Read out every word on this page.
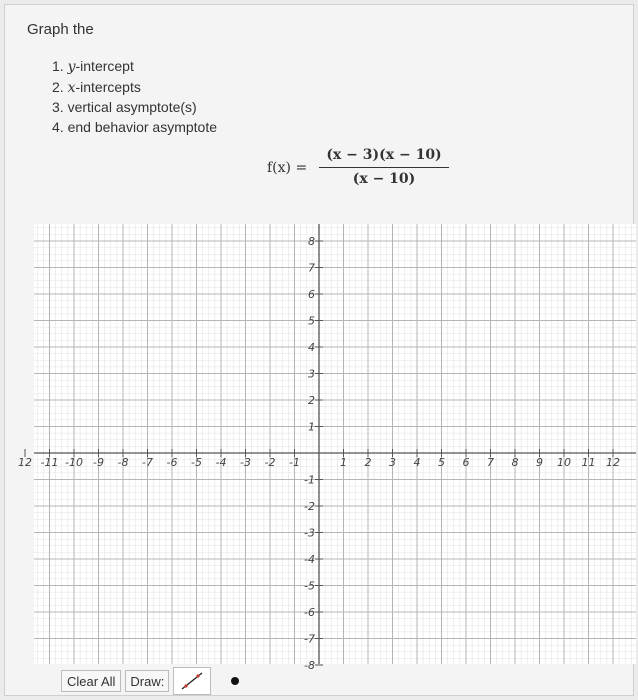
Graph the
1. y-intercept
2. x-intercepts
3. vertical asymptote(s)
4. end behavior asymptote
f(x) =
(x − 3)(x − 10)
(x − 10)
12 -11 -10 -9 -8 -7 -6 -5 -4 -3 -2 -1	1 2 3 4 5 6 7 8 9 10 11 12
8
7
6
5
4
3
2
1
-1
-2
-3
-4
-5
-6
-7
-8
Clear All	Draw:
